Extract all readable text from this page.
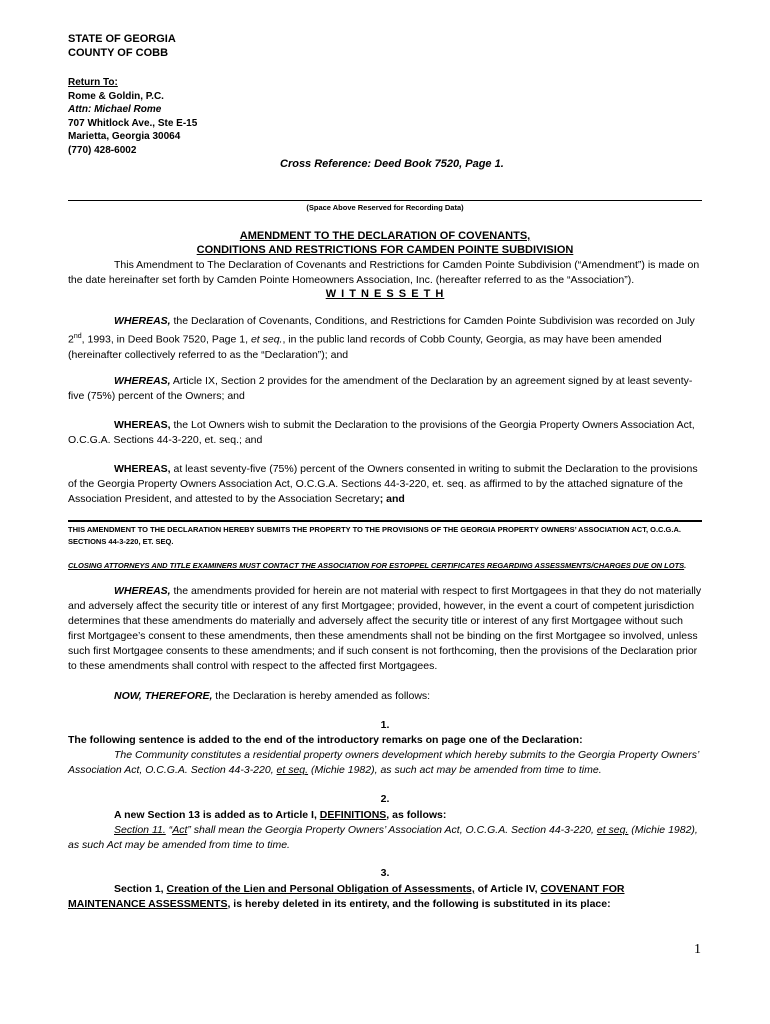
STATE OF GEORGIA
COUNTY OF COBB
Return To:
Rome & Goldin, P.C.
Attn: Michael Rome
707 Whitlock Ave., Ste E-15
Marietta, Georgia 30064
(770) 428-6002
Cross Reference: Deed Book 7520, Page 1.
(Space Above Reserved for Recording Data)
AMENDMENT TO THE DECLARATION OF COVENANTS,
CONDITIONS AND RESTRICTIONS FOR CAMDEN POINTE SUBDIVISION
This Amendment to The Declaration of Covenants and Restrictions for Camden Pointe Subdivision (“Amendment”) is made on the date hereinafter set forth by Camden Pointe Homeowners Association, Inc. (hereafter referred to as the “Association”).
W I T N E S S E T H
WHEREAS, the Declaration of Covenants, Conditions, and Restrictions for Camden Pointe Subdivision was recorded on July 2nd, 1993, in Deed Book 7520, Page 1, et seq., in the public land records of Cobb County, Georgia, as may have been amended (hereinafter collectively referred to as the “Declaration”); and
WHEREAS, Article IX, Section 2 provides for the amendment of the Declaration by an agreement signed by at least seventy-five (75%) percent of the Owners; and
WHEREAS, the Lot Owners wish to submit the Declaration to the provisions of the Georgia Property Owners Association Act, O.C.G.A. Sections 44-3-220, et. seq.; and
WHEREAS, at least seventy-five (75%) percent of the Owners consented in writing to submit the Declaration to the provisions of the Georgia Property Owners Association Act, O.C.G.A. Sections 44-3-220, et. seq. as affirmed to by the attached signature of the Association President, and attested to by the Association Secretary; and
THIS AMENDMENT TO THE DECLARATION HEREBY SUBMITS THE PROPERTY TO THE PROVISIONS OF THE GEORGIA PROPERTY OWNERS’ ASSOCIATION ACT, O.C.G.A. SECTIONS 44-3-220, ET. SEQ.
CLOSING ATTORNEYS AND TITLE EXAMINERS MUST CONTACT THE ASSOCIATION FOR ESTOPPEL CERTIFICATES REGARDING ASSESSMENTS/CHARGES DUE ON LOTS.
WHEREAS, the amendments provided for herein are not material with respect to first Mortgagees in that they do not materially and adversely affect the security title or interest of any first Mortgagee; provided, however, in the event a court of competent jurisdiction determines that these amendments do materially and adversely affect the security title or interest of any first Mortgagee without such first Mortgagee’s consent to these amendments, then these amendments shall not be binding on the first Mortgagee so involved, unless such first Mortgagee consents to these amendments; and if such consent is not forthcoming, then the provisions of the Declaration prior to these amendments shall control with respect to the affected first Mortgagees.
NOW, THEREFORE, the Declaration is hereby amended as follows:
1.
The following sentence is added to the end of the introductory remarks on page one of the Declaration:
The Community constitutes a residential property owners development which hereby submits to the Georgia Property Owners’ Association Act, O.C.G.A. Section 44-3-220, et seq. (Michie 1982), as such act may be amended from time to time.
2.
A new Section 13 is added as to Article I, DEFINITIONS, as follows:
Section 11. “Act” shall mean the Georgia Property Owners’ Association Act, O.C.G.A. Section 44-3-220, et seq. (Michie 1982), as such Act may be amended from time to time.
3.
Section 1, Creation of the Lien and Personal Obligation of Assessments, of Article IV, COVENANT FOR MAINTENANCE ASSESSMENTS, is hereby deleted in its entirety, and the following is substituted in its place:
1
